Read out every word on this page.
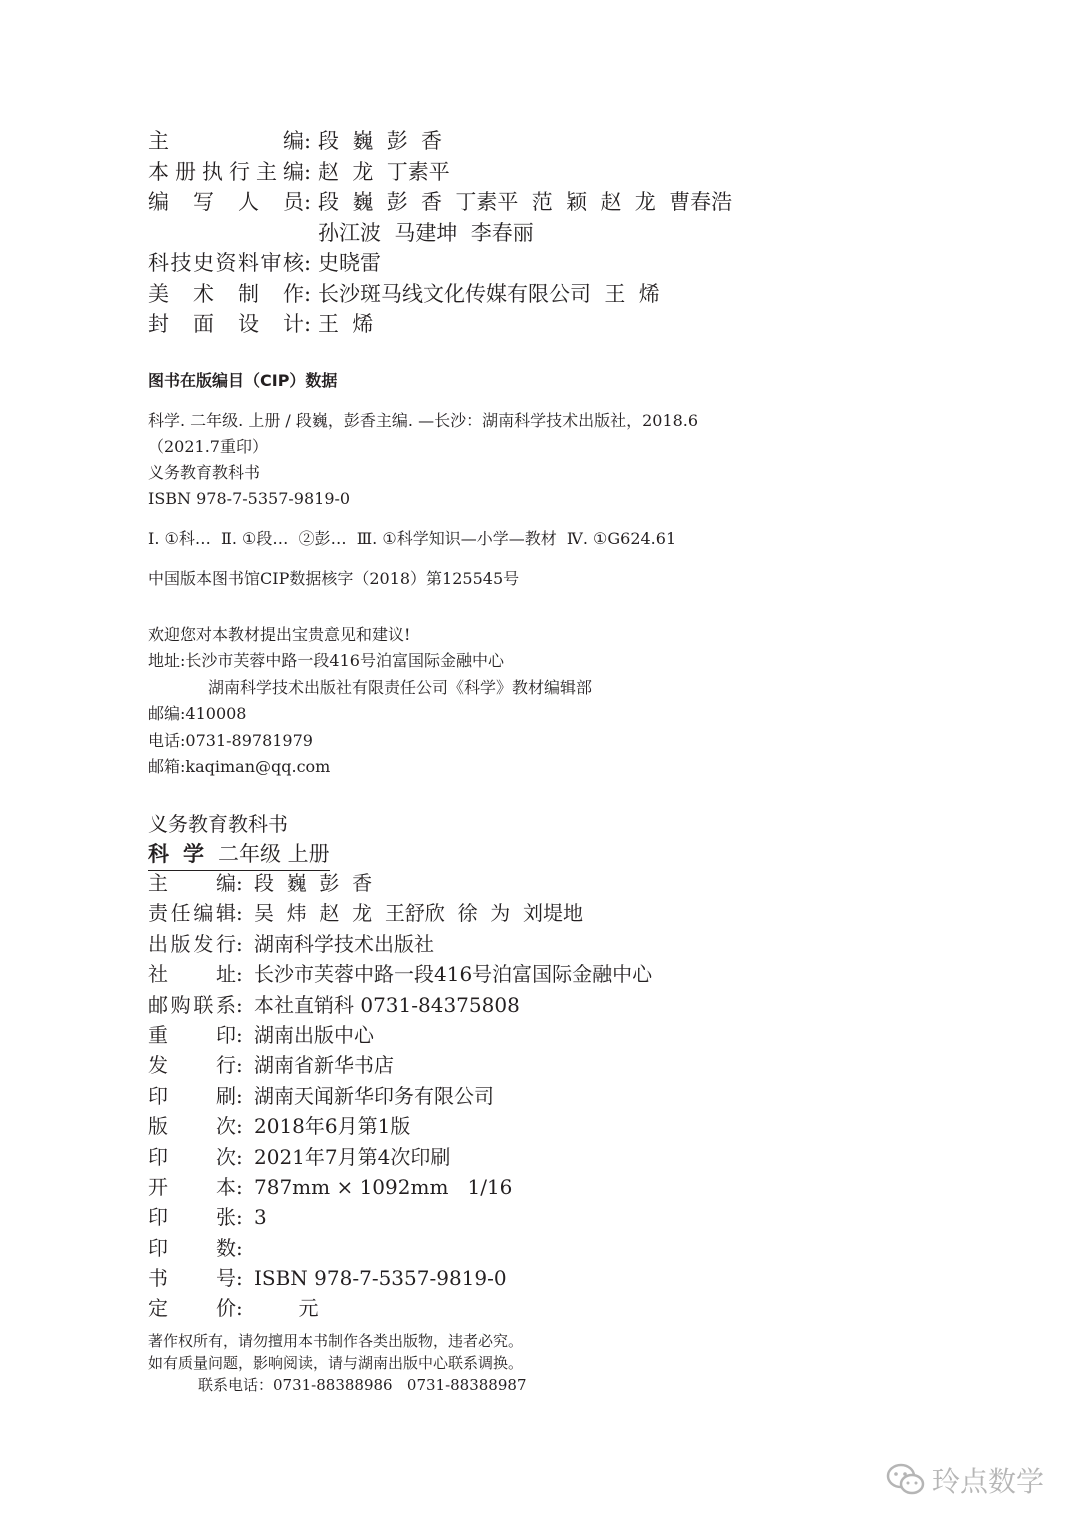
主编 : 段  巍  彭  香
本册执行主编 : 赵  龙  丁素平
编写人员 : 段  巍  彭  香  丁素平  范  颖  赵  龙  曹春浩
孙江波  马建坤  李春丽
科技史资料审核 : 史晓雷
美术制作 : 长沙斑马线文化传媒有限公司  王  烯
封面设计 : 王  烯
图书在版编目（CIP）数据
科学. 二年级. 上册 / 段巍，彭香主编. —长沙：湖南科学技术出版社，2018.6
（2021.7重印）
义务教育教科书
ISBN 978-7-5357-9819-0
Ⅰ. ①科…  Ⅱ. ①段…  ②彭…  Ⅲ. ①科学知识—小学—教材  Ⅳ. ①G624.61
中国版本图书馆CIP数据核字（2018）第125545号
欢迎您对本教材提出宝贵意见和建议!
地址: 长沙市芙蓉中路一段416号泊富国际金融中心
湖南科学技术出版社有限责任公司《科学》教材编辑部
邮编: 410008
电话: 0731-89781979
邮箱: kaqiman@qq.com
义务教育教科书
科学二年级 上册
主编 : 段  巍  彭  香
责任编辑 : 吴  炜  赵  龙  王舒欣  徐  为  刘堤地
出版发行 : 湖南科学技术出版社
社址 : 长沙市芙蓉中路一段416号泊富国际金融中心
邮购联系 : 本社直销科 0731-84375808
重印 : 湖南出版中心
发行 : 湖南省新华书店
印刷 : 湖南天闻新华印务有限公司
版次 : 2018年6月第1版
印次 : 2021年7月第4次印刷
开本 : 787mm × 1092mm   1/16
印张 : 3
印数 :
书号 : ISBN 978-7-5357-9819-0
定价 : 元
著作权所有，请勿擅用本书制作各类出版物，违者必究。
如有质量问题，影响阅读，请与湖南出版中心联系调换。
联系电话：0731-88388986   0731-88388987
玲点数学
